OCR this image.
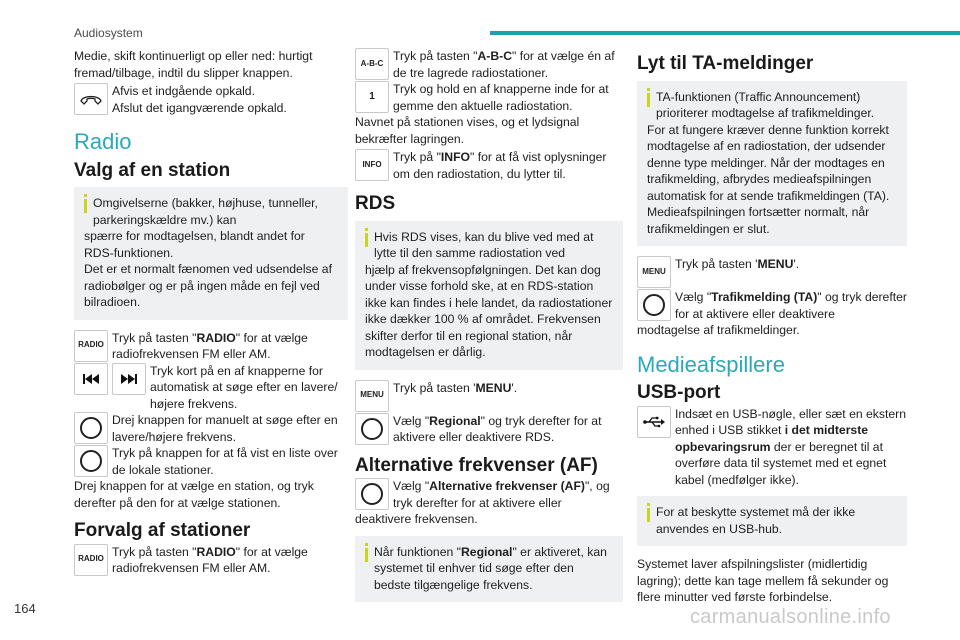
Audiosystem

Medie, skift kontinuerligt op eller ned: hurtigt fremad/tilbage, indtil du slipper knappen.

Afvis et indgående opkald.

Afslut det igangværende opkald.

Radio
Valg af en station

Omgivelserne (bakker, højhuse, tunneller, parkeringskældre mv.) kan

spærre for modtagelsen, blandt andet for RDS-funktionen.

Det er et normalt fænomen ved udsendelse af radiobølger og er på ingen måde en fejl ved bilradioen.

RADIO

Tryk på tasten "RADIO" for at vælge radiofrekvensen FM eller AM.

Tryk kort på en af knapperne for automatisk at søge efter en lavere/ højere frekvens.

Drej knappen for manuelt at søge efter en lavere/højere frekvens.

Tryk på knappen for at få vist en liste over de lokale stationer.

Drej knappen for at vælge en station, og tryk derefter på den for at vælge stationen.

Forvalg af stationer
RADIO

Tryk på tasten "RADIO" for at vælge radiofrekvensen FM eller AM.

A-B-C

Tryk på tasten "A-B-C" for at vælge én af de tre lagrede radiostationer.

1

Tryk og hold en af knapperne inde for at gemme den aktuelle radiostation.

Navnet på stationen vises, og et lydsignal bekræfter lagringen.

INFO

Tryk på "INFO" for at få vist oplysninger om den radiostation, du lytter til.

RDS

Hvis RDS vises, kan du blive ved med at lytte til den samme radiostation ved

hjælp af frekvensopfølgningen. Det kan dog under visse forhold ske, at en RDS-station ikke kan findes i hele landet, da radiostationer ikke dækker 100 % af området. Frekvensen skifter derfor til en regional station, når modtagelsen er dårlig.

MENU

Tryk på tasten 'MENU'.

Vælg "Regional" og tryk derefter for at aktivere eller deaktivere RDS.

Alternative frekvenser (AF)

Vælg "Alternative frekvenser (AF)", og tryk derefter for at aktivere eller

deaktivere frekvensen.

Når funktionen "Regional" er aktiveret, kan systemet til enhver tid søge efter den bedste tilgængelige frekvens.

Lyt til TA-meldinger

TA-funktionen (Traffic Announcement) prioriterer modtagelse af trafikmeldinger.

For at fungere kræver denne funktion korrekt modtagelse af en radiostation, der udsender denne type meldinger. Når der modtages en trafikmelding, afbrydes medieafspilningen automatisk for at sende trafikmeldingen (TA). Medieafspilningen fortsætter normalt, når trafikmeldingen er slut.

MENU

Tryk på tasten 'MENU'.

Vælg "Trafikmelding (TA)" og tryk derefter for at aktivere eller deaktivere

modtagelse af trafikmeldinger.

Medieafspillere
USB-port

Indsæt en USB-nøgle, eller sæt en ekstern enhed i USB stikket i det midterste opbevaringsrum der er beregnet til at overføre data til systemet med et egnet kabel (medfølger ikke).

For at beskytte systemet må der ikke anvendes en USB-hub.

Systemet laver afspilningslister (midlertidig lagring); dette kan tage mellem få sekunder og flere minutter ved første forbindelse.

164	carmanualsonline.info
